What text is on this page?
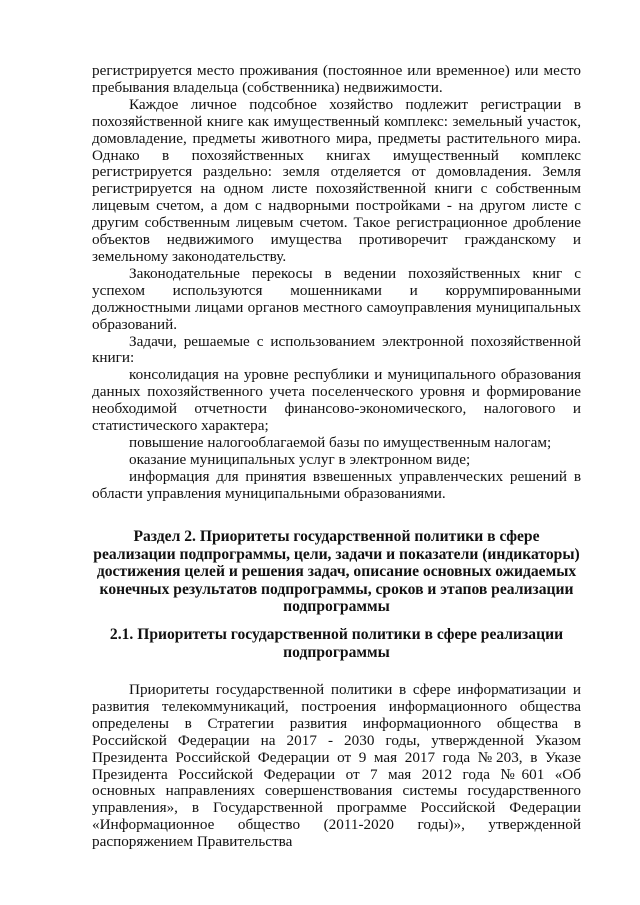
регистрируется место проживания (постоянное или временное) или место пребывания владельца (собственника) недвижимости.

Каждое личное подсобное хозяйство подлежит регистрации в похозяйственной книге как имущественный комплекс: земельный участок, домовладение, предметы животного мира, предметы растительного мира. Однако в похозяйственных книгах имущественный комплекс регистрируется раздельно: земля отделяется от домовладения. Земля регистрируется на одном листе похозяйственной книги с собственным лицевым счетом, а дом с надворными постройками - на другом листе с другим собственным лицевым счетом. Такое регистрационное дробление объектов недвижимого имущества противоречит гражданскому и земельному законодательству.

Законодательные перекосы в ведении похозяйственных книг с успехом используются мошенниками и коррумпированными должностными лицами органов местного самоуправления муниципальных образований.

Задачи, решаемые с использованием электронной похозяйственной книги:

консолидация на уровне республики и муниципального образования данных похозяйственного учета поселенческого уровня и формирование необходимой отчетности финансово-экономического, налогового и статистического характера;

повышение налогооблагаемой базы по имущественным налогам;

оказание муниципальных услуг в электронном виде;

информация для принятия взвешенных управленческих решений в области управления муниципальными образованиями.

Раздел 2. Приоритеты государственной политики в сфере реализации подпрограммы, цели, задачи и показатели (индикаторы) достижения целей и решения задач, описание основных ожидаемых конечных результатов подпрограммы, сроков и этапов реализации подпрограммы
2.1. Приоритеты государственной политики в сфере реализации подпрограммы

Приоритеты государственной политики в сфере информатизации и развития телекоммуникаций, построения информационного общества определены в Стратегии развития информационного общества в Российской Федерации на 2017 - 2030 годы, утвержденной Указом Президента Российской Федерации от 9 мая 2017 года №203, в Указе Президента Российской Федерации от 7 мая 2012 года №601 «Об основных направлениях совершенствования системы государственного управления», в Государственной программе Российской Федерации «Информационное общество (2011-2020 годы)», утвержденной распоряжением Правительства
